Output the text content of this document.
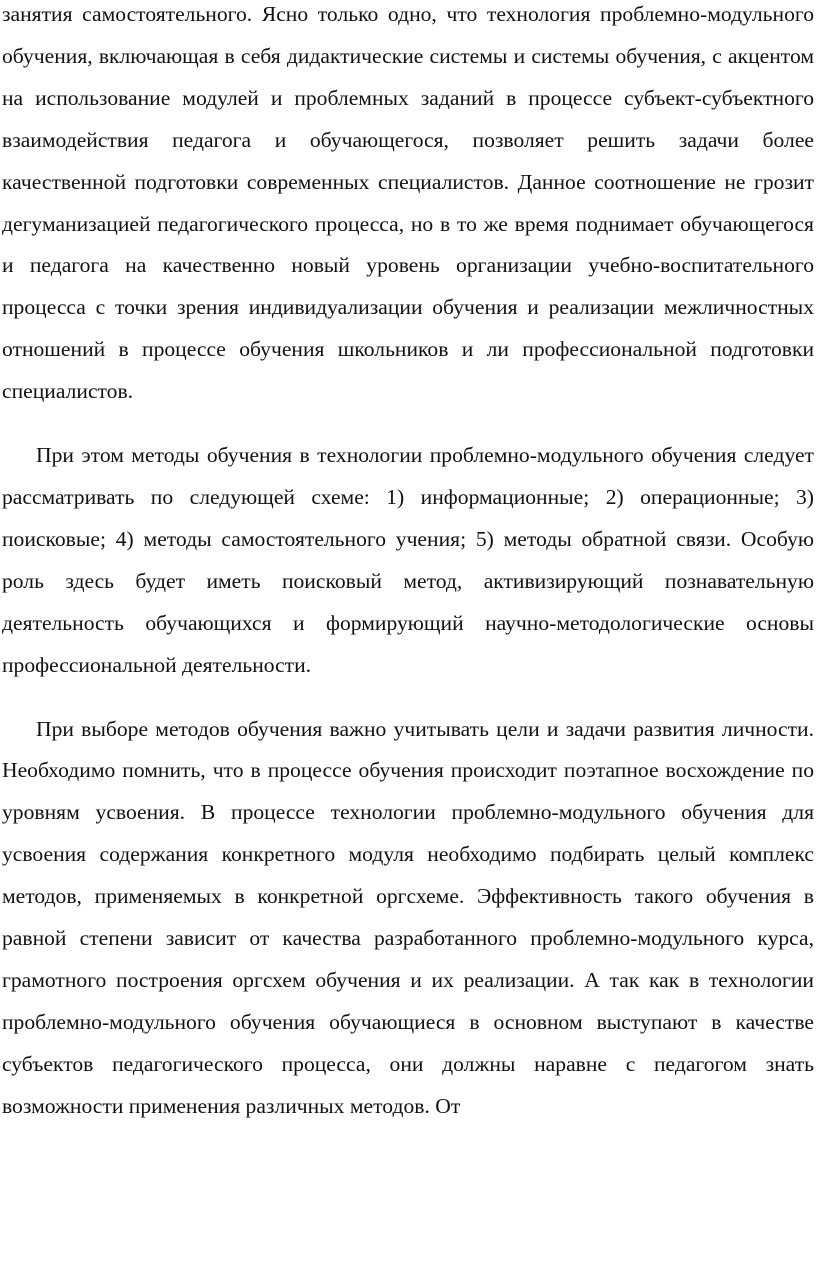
занятия самостоятельного. Ясно только одно, что технология проблемно-модульного обучения, включающая в себя дидактические системы и системы обучения, с акцентом на использование модулей и проблемных заданий в процессе субъект-субъектного взаимодействия педагога и обучающегося, позволяет решить задачи более качественной подготовки современных специалистов. Данное соотношение не грозит дегуманизацией педагогического процесса, но в то же время поднимает обучающегося и педагога на качественно новый уровень организации учебно-воспитательного процесса с точки зрения индивидуализации обучения и реализации межличностных отношений в процессе обучения школьников и ли профессиональной подготовки специалистов.

При этом методы обучения в технологии проблемно-модульного обучения следует рассматривать по следующей схеме: 1) информационные; 2) операционные; 3) поисковые; 4) методы самостоятельного учения; 5) методы обратной связи. Особую роль здесь будет иметь поисковый метод, активизирующий познавательную деятельность обучающихся и формирующий научно-методологические основы профессиональной деятельности.

При выборе методов обучения важно учитывать цели и задачи развития личности. Необходимо помнить, что в процессе обучения происходит поэтапное восхождение по уровням усвоения. В процессе технологии проблемно-модульного обучения для усвоения содержания конкретного модуля необходимо подбирать целый комплекс методов, применяемых в конкретной оргсхеме. Эффективность такого обучения в равной степени зависит от качества разработанного проблемно-модульного курса, грамотного построения оргсхем обучения и их реализации. А так как в технологии проблемно-модульного обучения обучающиеся в основном выступают в качестве субъектов педагогического процесса, они должны наравне с педагогом знать возможности применения различных методов. От
